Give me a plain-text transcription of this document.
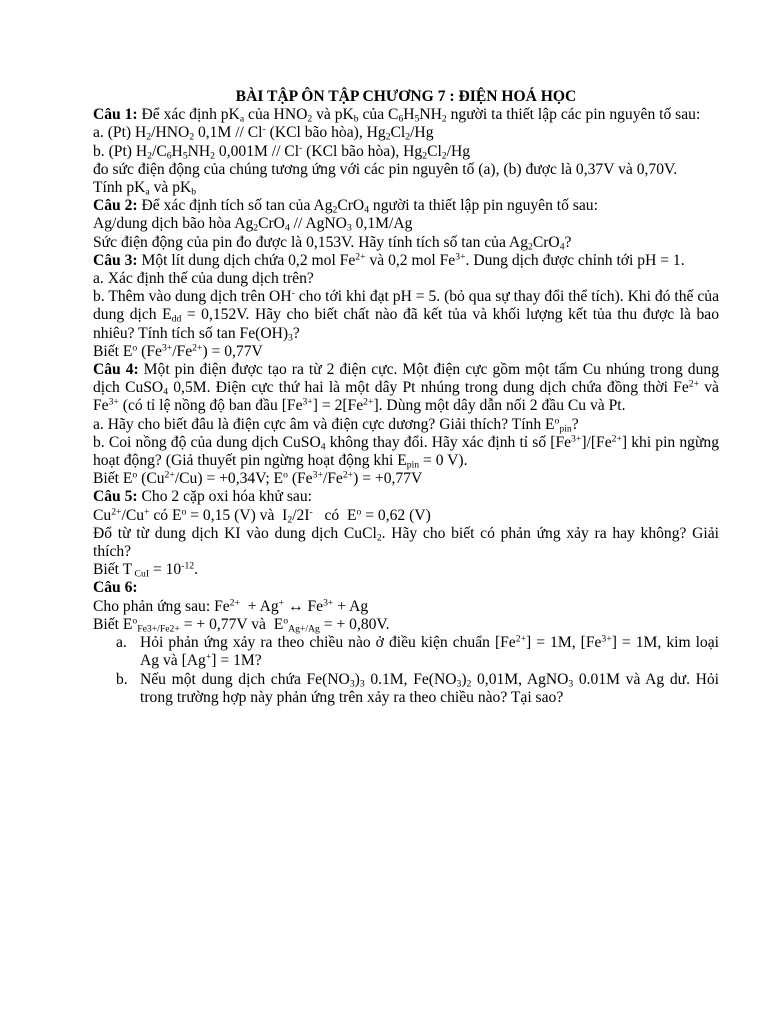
BÀI TẬP ÔN TẬP CHƯƠNG 7 : ĐIỆN HOÁ HỌC

Câu 1: Để xác định $pK_a$ của $HNO_2$ và $pK_b$ của $C_6H_5NH_2$ người ta thiết lập các pin nguyên tố sau:

a. (Pt) $H_2/HNO_2$ 0,1M // Cl- (KCl bão hòa), $Hg_2Cl_2/Hg$

b. (Pt) $H_2/C_6H_5NH_2$ 0,001M // Cl- (KCl bão hòa), $Hg_2Cl_2/Hg$

đo sức điện động của chúng tương ứng với các pin nguyên tố (a), (b) được là 0,37V và 0,70V.

Tính $pK_a$ và $pK_b$

Câu 2: Để xác định tích số tan của $Ag_2CrO_4$ người ta thiết lập pin nguyên tố sau:

Ag/dung dịch bão hòa $Ag_2CrO_4$ // AgNO$_3$ 0,1M/Ag

Sức điện động của pin đo được là 0,153V. Hãy tính tích số tan của $Ag_2CrO_4$?

Câu 3: Một lít dung dịch chứa 0,2 mol $Fe^{2+}$ và 0,2 mol $Fe^{3+}$. Dung dịch được chỉnh tới pH = 1.

a. Xác định thế của dung dịch trên?

b. Thêm vào dung dịch trên OH- cho tới khi đạt pH = 5. (bỏ qua sự thay đổi thể tích). Khi đó thế của dung dịch $E_{dd} = 0,152V$. Hãy cho biết chất nào đã kết tủa và khối lượng kết tủa thu được là bao nhiêu? Tính tích số $\tan Fe(OH)_3$?

Biết $E^o$ $(Fe^{3+}/Fe^{2+}) = 0,77V$

Câu 4: Một pin điện được tạo ra từ 2 điện cực. Một điện cực gồm một tấm Cu nhúng trong dung dịch CuSO$_4$ 0,5M. Điện cực thứ hai là một dây Pt nhúng trong dung dịch chứa đồng thời $Fe^{2+}$ và $Fe^{3+}$ (có tỉ lệ nồng độ ban đầu $[Fe^{3+}] = 2[Fe^{2+}]$. Dùng một dây dẫn nối 2 đầu Cu và Pt.

a. Hãy cho biết đâu là điện cực âm và điện cực dương? Giải thích? Tính $E^o_{pin}$?

b. Coi nồng độ của dung dịch CuSO$_4$ không thay đổi. Hãy xác định tỉ số $[Fe^{3+}]/[Fe^{2+}]$ khi pin ngừng hoạt động? (Giả thuyết pin ngừng hoạt động khi $E_{pin} = 0$ V).

Biết $E^o$ $(Cu^{2+}/Cu) = +0,34V$; $E^o$ $(Fe^{3+}/Fe^{2+}) = +0,77V$

Câu 5: Cho 2 cặp oxi hóa khử sau:

$Cu^{2+}/Cu^+$ có $E^o = 0,15$ (V) và  $I_2/2I^-$   có  $E^o = 0,62$ (V)

Đổ từ từ dung dịch KI vào dung dịch CuCl$_2$. Hãy cho biết có phản ứng xảy ra hay không? Giải thích?

Biết T $_{CuI} = 10^{-12}$.

Câu 6:

Cho phản ứng sau: $Fe^{2+} + Ag^+$ ↔ $Fe^{3+} + Ag$

Biết $E^o_{Fe3+/Fe2+}$ = + 0,77V và  $E^o_{Ag+/Ag}$ = + 0,80V.

a. Hỏi phản ứng xảy ra theo chiều nào ở điều kiện chuẩn $[Fe^{2+}] = 1M$, $[Fe^{3+}] = 1M$, kim loại Ag và [Ag+] = 1M?
b. Nếu một dung dịch chứa $Fe(NO_3)_3$ 0.1M, $Fe(NO_3)_2$ 0,01M, AgNO$_3$ 0.01M và Ag dư. Hỏi trong trường hợp này phản ứng trên xảy ra theo chiều nào? Tại sao?
